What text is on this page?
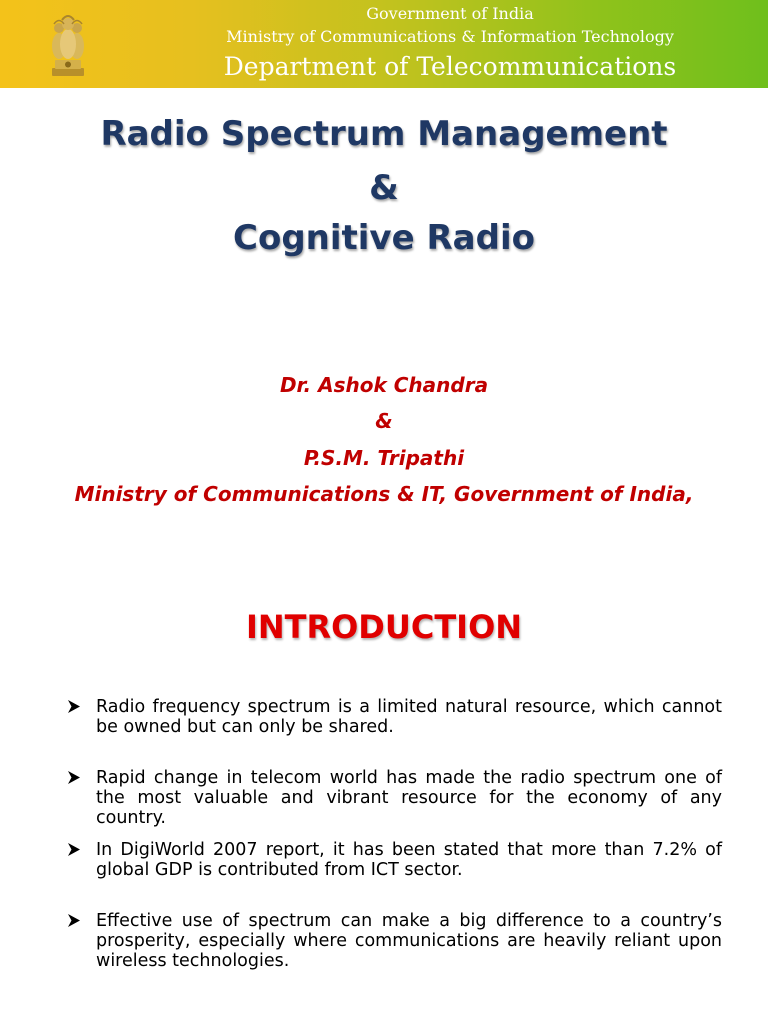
Government of India
Ministry of Communications & Information Technology
Department of Telecommunications
Radio Spectrum Management
&
Cognitive Radio
Dr. Ashok Chandra
&
P.S.M. Tripathi
Ministry of Communications & IT, Government of India,
INTRODUCTION
Radio frequency spectrum is a limited natural resource, which cannot be owned but can only be shared.
Rapid change in telecom world has made the radio spectrum one of the most valuable and vibrant resource for the economy of any country.
In DigiWorld 2007 report, it has been stated that more than 7.2% of global GDP is contributed from ICT sector.
Effective use of spectrum can make a big difference to a country’s prosperity, especially where communications are heavily reliant upon wireless technologies.
